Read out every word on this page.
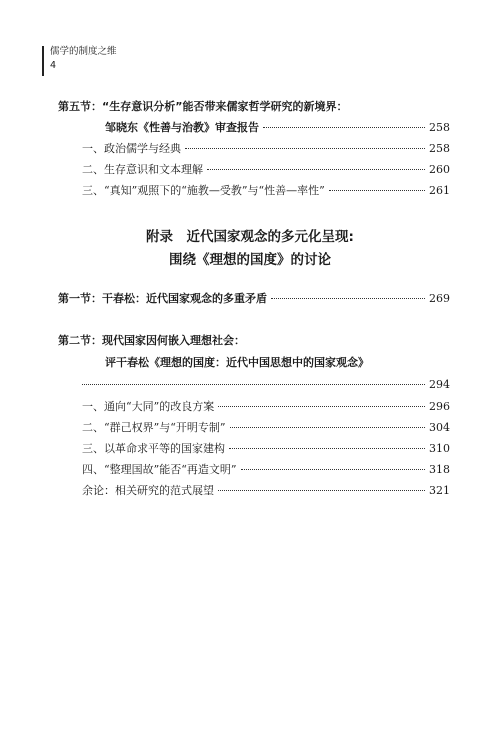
儒学的制度之维
4
第五节：“生存意识分析”能否带来儒家哲学研究的新境界：
邹晓东《性善与治教》审查报告	258
一、政治儒学与经典	258
二、生存意识和文本理解	260
三、“真知”观照下的“施教—受教”与“性善—率性”	261
附录　近代国家观念的多元化呈现:
围绕《理想的国度》的讨论
第一节：干春松：近代国家观念的多重矛盾	269
第二节：现代国家因何嵌入理想社会：
评干春松《理想的国度：近代中国思想中的国家观念》
294
一、通向“大同”的改良方案	296
二、“群己权界”与“开明专制”	304
三、以革命求平等的国家建构	310
四、“整理国故”能否“再造文明”	318
余论：相关研究的范式展望	321
